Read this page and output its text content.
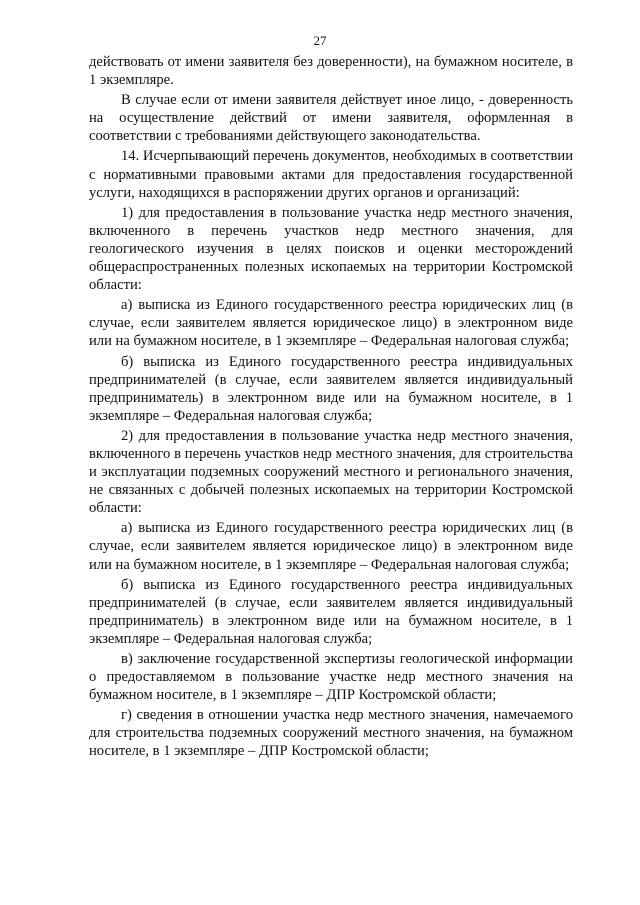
27

действовать от имени заявителя без доверенности), на бумажном носителе, в 1 экземпляре.

В случае если от имени заявителя действует иное лицо, - доверенность на осуществление действий от имени заявителя, оформленная в соответствии с требованиями действующего законодательства.

14. Исчерпывающий перечень документов, необходимых в соответствии с нормативными правовыми актами для предоставления государственной услуги, находящихся в распоряжении других органов и организаций:

1) для предоставления в пользование участка недр местного значения, включенного в перечень участков недр местного значения, для геологического изучения в целях поисков и оценки месторождений общераспространенных полезных ископаемых на территории Костромской области:

а) выписка из Единого государственного реестра юридических лиц (в случае, если заявителем является юридическое лицо) в электронном виде или на бумажном носителе, в 1 экземпляре – Федеральная налоговая служба;

б) выписка из Единого государственного реестра индивидуальных предпринимателей (в случае, если заявителем является индивидуальный предприниматель) в электронном виде или на бумажном носителе, в 1 экземпляре – Федеральная налоговая служба;

2) для предоставления в пользование участка недр местного значения, включенного в перечень участков недр местного значения, для строительства и эксплуатации подземных сооружений местного и регионального значения, не связанных с добычей полезных ископаемых на территории Костромской области:

а) выписка из Единого государственного реестра юридических лиц (в случае, если заявителем является юридическое лицо) в электронном виде или на бумажном носителе, в 1 экземпляре – Федеральная налоговая служба;

б) выписка из Единого государственного реестра индивидуальных предпринимателей (в случае, если заявителем является индивидуальный предприниматель) в электронном виде или на бумажном носителе, в 1 экземпляре – Федеральная налоговая служба;

в) заключение государственной экспертизы геологической информации о предоставляемом в пользование участке недр местного значения на бумажном носителе, в 1 экземпляре – ДПР Костромской области;

г) сведения в отношении участка недр местного значения, намечаемого для строительства подземных сооружений местного значения, на бумажном носителе, в 1 экземпляре – ДПР Костромской области;
